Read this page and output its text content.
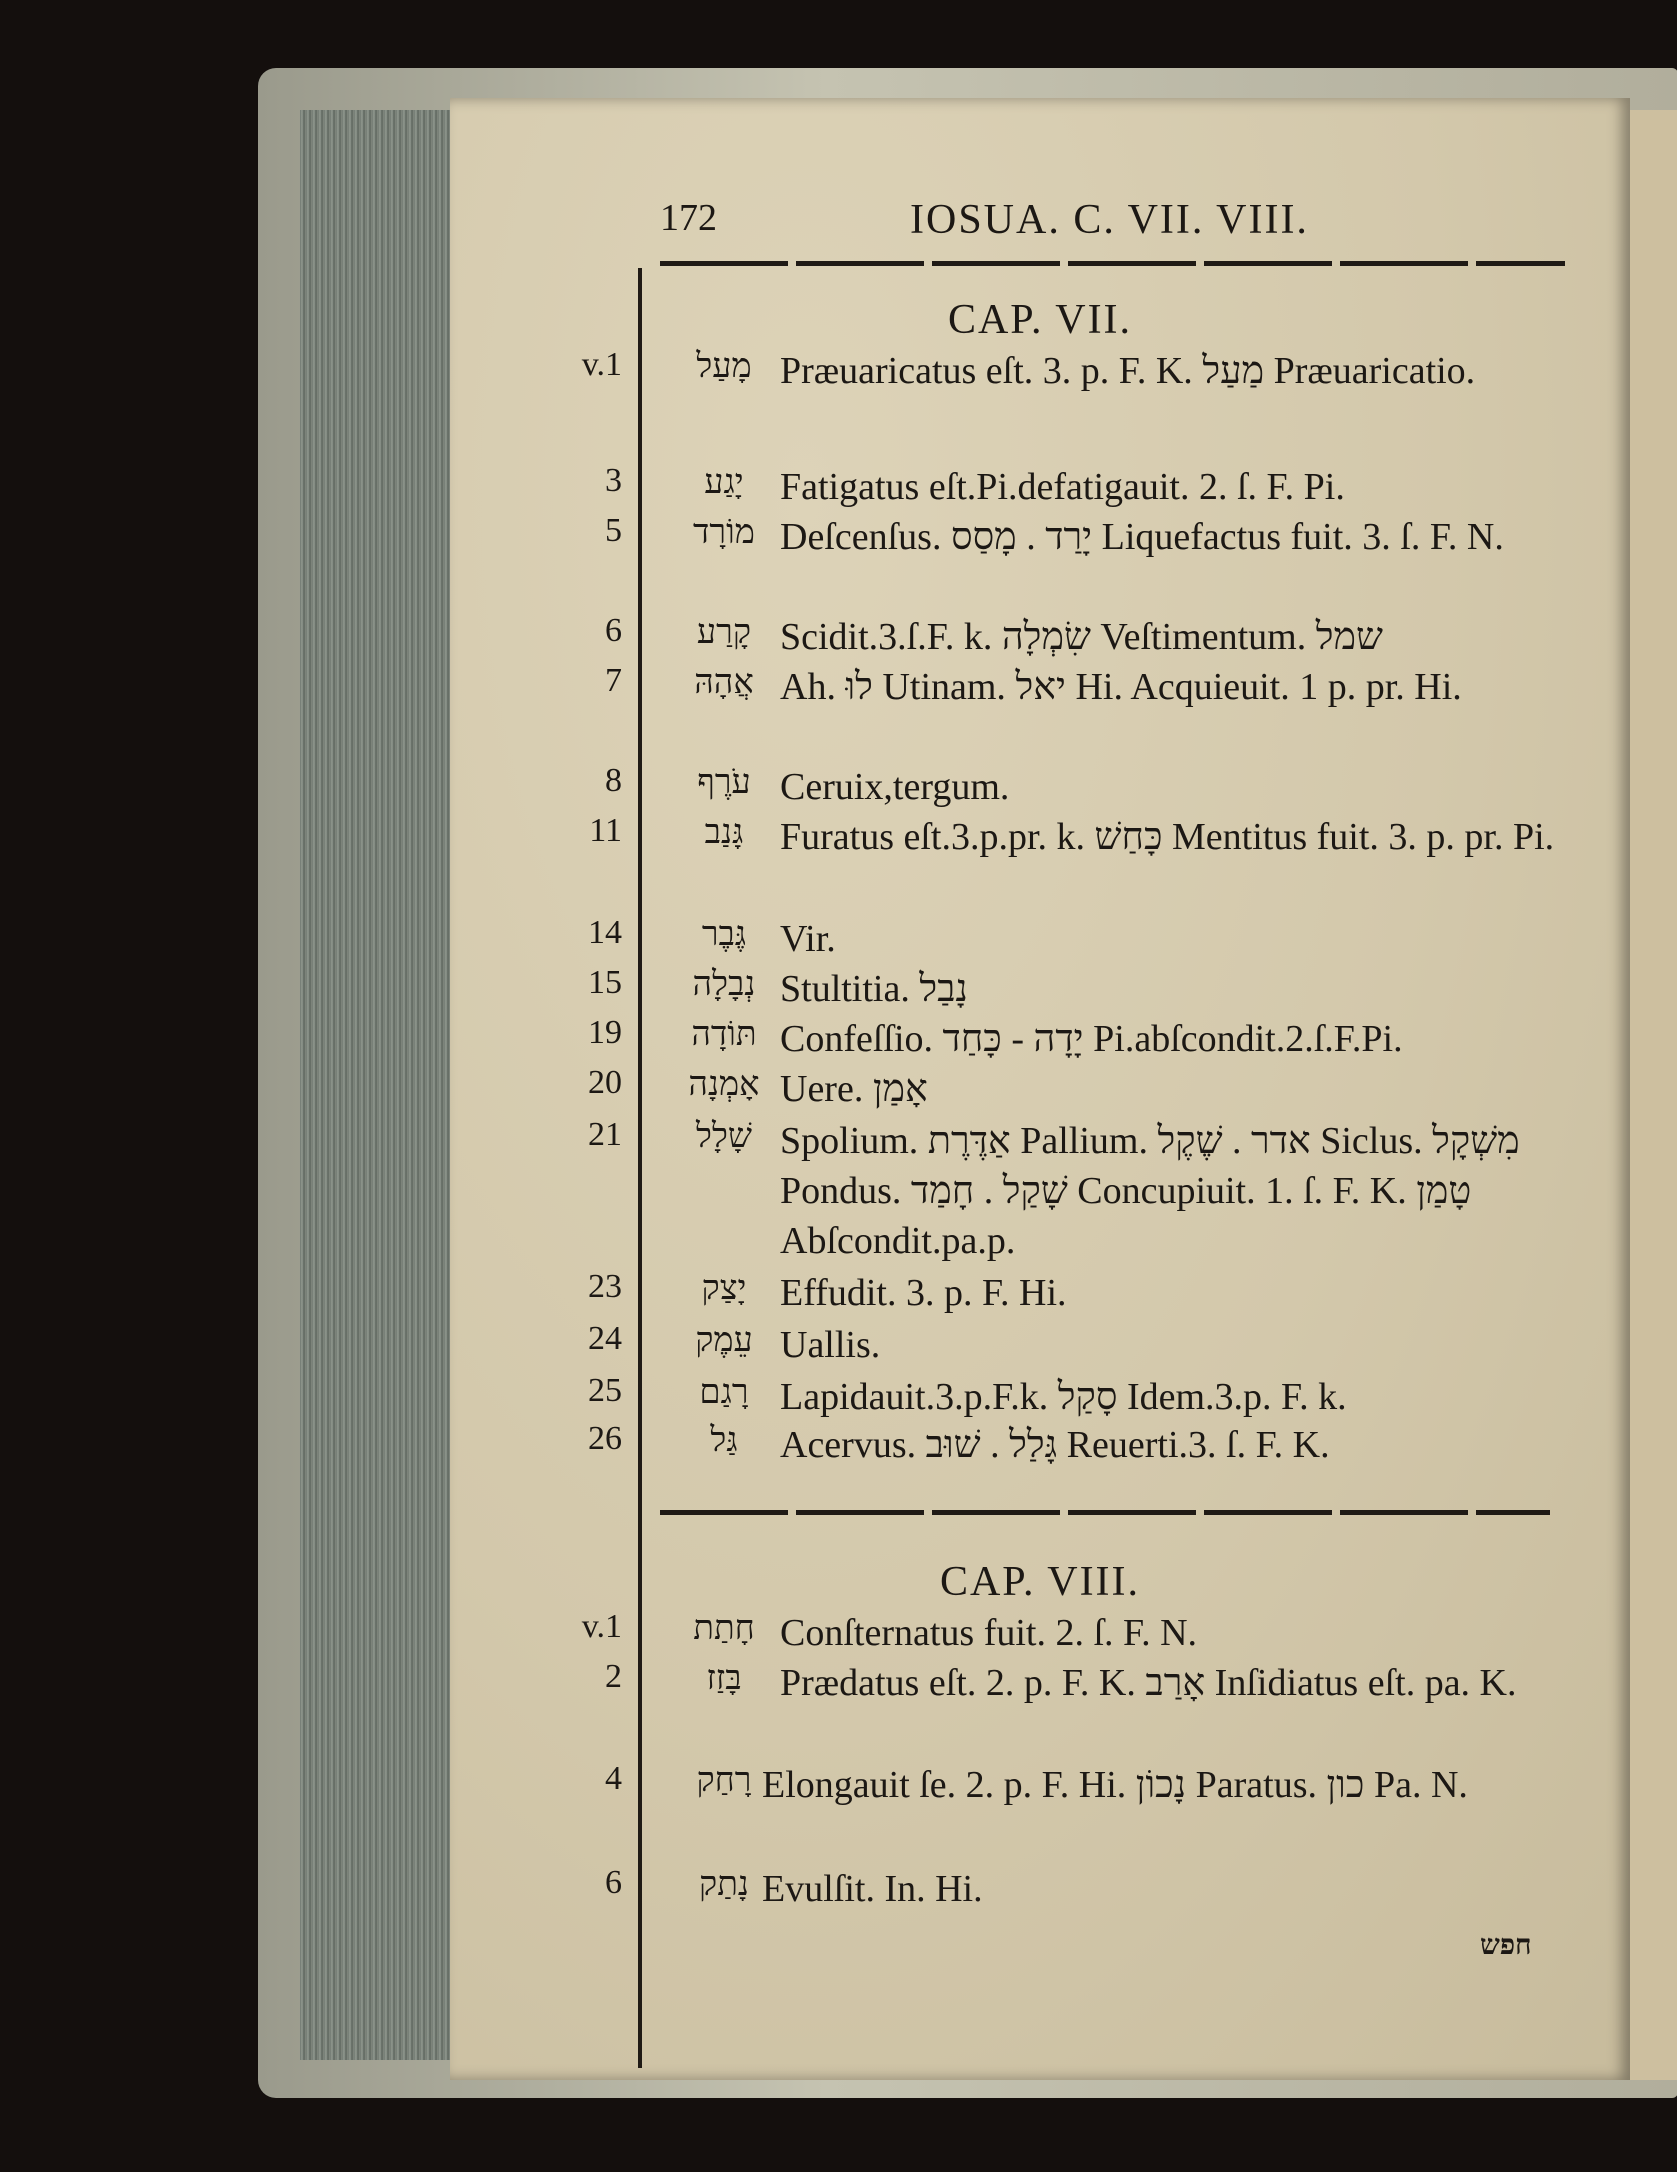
172	IOSUA. C. VII. VIII.
CAP. VII.
v.1	מָעַל Præuaricatus eſt. 3. p. F. K. מַעַל Præuaricatio.
3	יָגַע Fatigatus eſt.Pi.defatigauit. 2. ſ. F. Pi.
5	מוֹרָד Deſcenſus. יָרַד . מָסַס Liquefactus fuit. 3. ſ. F. N.
6	קָרַע Scidit.3.ſ.F. k. שִׂמְלָה Veſtimentum. שמל
7	אֲהָהּ Ah. לוּ Utinam. יאל Hi. Acquieuit. 1 p. pr. Hi.
8	עֹרֶף Ceruix,tergum.
11	גָּנַב Furatus eſt.3.p.pr. k. כָּחַשׁ Mentitus fuit. 3. p. pr. Pi.
14	גֶּבֶר Vir.
15	נְבָלָה Stultitia. נָבַל
19	תּוֹדָה Confeſſio. יָדָה - כָּחַד Pi.abſcondit.2.ſ.F.Pi.
20	אָמְנָה Uere. אָמַן
21	שָׁלָל Spolium. אַדֶּרֶת Pallium. אדר . שֶׁקֶל Siclus. מִשְׁקָל Pondus. שָׁקַל . חָמַד Concupiuit. 1. ſ. F. K. טָמַן Abſcondit.pa.p.
23	יָצַק Effudit. 3. p. F. Hi.
24	עֵמֶק Uallis.
25	רָגַם Lapidauit.3.p.F.k. סָקַל Idem.3.p. F. k.
26	גַּל	Acervus. גָּלַל . שׁוּב Reuerti.3. ſ. F. K.
CAP. VIII.
v.1	חָתַת Conſternatus fuit. 2. ſ. F. N.
2	בָּזַז	Prædatus eſt. 2. p. F. K. אָרַב Inſidiatus eſt. pa. K.
4	רָחַק Elongauit ſe. 2. p. F. Hi. נָכוֹן Paratus. כון Pa. N.
6	נָתַק Evulſit. In. Hi.
חפש
